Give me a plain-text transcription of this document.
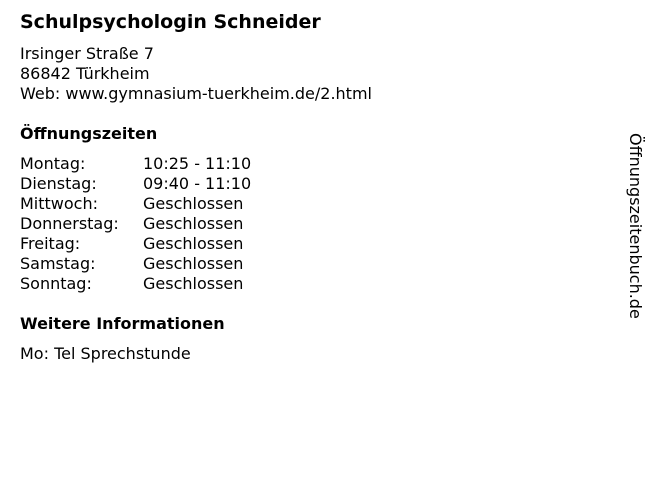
Schulpsychologin Schneider
Irsinger Straße 7
86842 Türkheim
Web: www.gymnasium-tuerkheim.de/2.html
Öffnungszeiten
Montag:	10:25 - 11:10
Dienstag:	09:40 - 11:10
Mittwoch:	Geschlossen
Donnerstag:	Geschlossen
Freitag:	Geschlossen
Samstag:	Geschlossen
Sonntag:	Geschlossen
Weitere Informationen
Mo: Tel Sprechstunde
Öffnungszeitenbuch.de
